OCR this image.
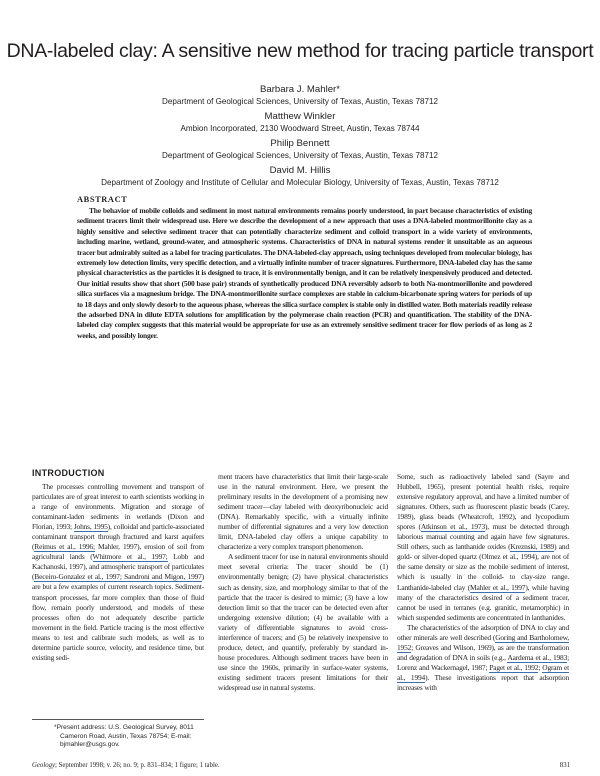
DNA-labeled clay: A sensitive new method for tracing particle transport
Barbara J. Mahler*
Department of Geological Sciences, University of Texas, Austin, Texas 78712
Matthew Winkler
Ambion Incorporated, 2130 Woodward Street, Austin, Texas 78744
Philip Bennett
Department of Geological Sciences, University of Texas, Austin, Texas 78712
David M. Hillis
Department of Zoology and Institute of Cellular and Molecular Biology, University of Texas, Austin, Texas 78712
ABSTRACT

The behavior of mobile colloids and sediment in most natural environments remains poorly understood, in part because characteristics of existing sediment tracers limit their widespread use. Here we describe the development of a new approach that uses a DNA-labeled montmorillonite clay as a highly sensitive and selective sediment tracer that can potentially characterize sediment and colloid transport in a wide variety of environments, including marine, wetland, ground-water, and atmospheric systems. Characteristics of DNA in natural systems render it unsuitable as an aqueous tracer but admirably suited as a label for tracing particulates. The DNA-labeled-clay approach, using techniques developed from molecular biology, has extremely low detection limits, very specific detection, and a virtually infinite number of tracer signatures. Furthermore, DNA-labeled clay has the same physical characteristics as the particles it is designed to trace, it is environmentally benign, and it can be relatively inexpensively produced and detected. Our initial results show that short (500 base pair) strands of synthetically produced DNA reversibly adsorb to both Na-montmorillonite and powdered silica surfaces via a magnesium bridge. The DNA-montmorillonite surface complexes are stable in calcium-bicarbonate spring waters for periods of up to 18 days and only slowly desorb to the aqueous phase, whereas the silica surface complex is stable only in distilled water. Both materials readily release the adsorbed DNA in dilute EDTA solutions for amplification by the polymerase chain reaction (PCR) and quantification. The stability of the DNA-labeled clay complex suggests that this material would be appropriate for use as an extremely sensitive sediment tracer for flow periods of as long as 2 weeks, and possibly longer.

INTRODUCTION

The processes controlling movement and transport of particulates are of great interest to earth scientists working in a range of environments. Migration and storage of contaminant-laden sediments in wetlands (Dixon and Florian, 1993; Johns, 1995), colloidal and particle-associated contaminant transport through fractured and karst aquifers (Reimus et al., 1996; Mahler, 1997), erosion of soil from agricultural lands (Whitmore et al., 1997; Lobb and Kachanoski, 1997), and atmospheric transport of particulates (Beceiro-Gonzalez et al., 1997; Sandroni and Migon, 1997) are but a few examples of current research topics. Sediment-transport processes, far more complex than those of fluid flow, remain poorly understood, and models of these processes often do not adequately describe particle movement in the field. Particle tracing is the most effective means to test and calibrate such models, as well as to determine particle source, velocity, and residence time, but existing sedi-

ment tracers have characteristics that limit their large-scale use in the natural environment. Here, we present the preliminary results in the development of a promising new sediment tracer—clay labeled with deoxyribonucleic acid (DNA). Remarkably specific, with a virtually infinite number of differential signatures and a very low detection limit, DNA-labeled clay offers a unique capability to characterize a very complex transport phenomenon.

A sediment tracer for use in natural environments should meet several criteria: The tracer should be (1) environmentally benign; (2) have physical characteristics such as density, size, and morphology similar to that of the particle that the tracer is desired to mimic; (3) have a low detection limit so that the tracer can be detected even after undergoing extensive dilution; (4) be available with a variety of differentiable signatures to avoid cross-interference of tracers; and (5) be relatively inexpensive to produce, detect, and quantify, preferably by standard in-house procedures. Although sediment tracers have been in use since the 1960s, primarily in surface-water systems, existing sediment tracers present limitations for their widespread use in natural systems.

Some, such as radioactively labeled sand (Sayre and Hubbell, 1965), present potential health risks, require extensive regulatory approval, and have a limited number of signatures. Others, such as fluorescent plastic beads (Carey, 1989), glass beads (Wheatcroft, 1992), and lycopodium spores (Atkinson et al., 1973), must be detected through laborious manual counting and again have few signatures. Still others, such as lanthanide oxides (Kreznski, 1989) and gold- or silver-doped quartz (Olmez et al., 1994), are not of the same density or size as the mobile sediment of interest, which is usually in the colloid- to clay-size range. Lanthanide-labeled clay (Mahler et al., 1997), while having many of the characteristics desired of a sediment tracer, cannot be used in terranes (e.g. granitic, metamorphic) in which suspended sediments are concentrated in lanthanides.

The characteristics of the adsorption of DNA to clay and other minerals are well described (Goring and Bartholomew, 1952; Greaves and Wilson, 1969), as are the transformation and degradation of DNA in soils (e.g., Aardema et al., 1983; Lorenz and Wackernagel, 1987; Paget et al., 1992; Ogram et al., 1994). These investigations report that adsorption increases with

*Present address: U.S. Geological Survey, 8011 Cameron Road, Austin, Texas 78754; E-mail: bjmahler@usgs.gov.
Geology; September 1998; v. 26; no. 9; p. 831–834; 1 figure; 1 table.	831
